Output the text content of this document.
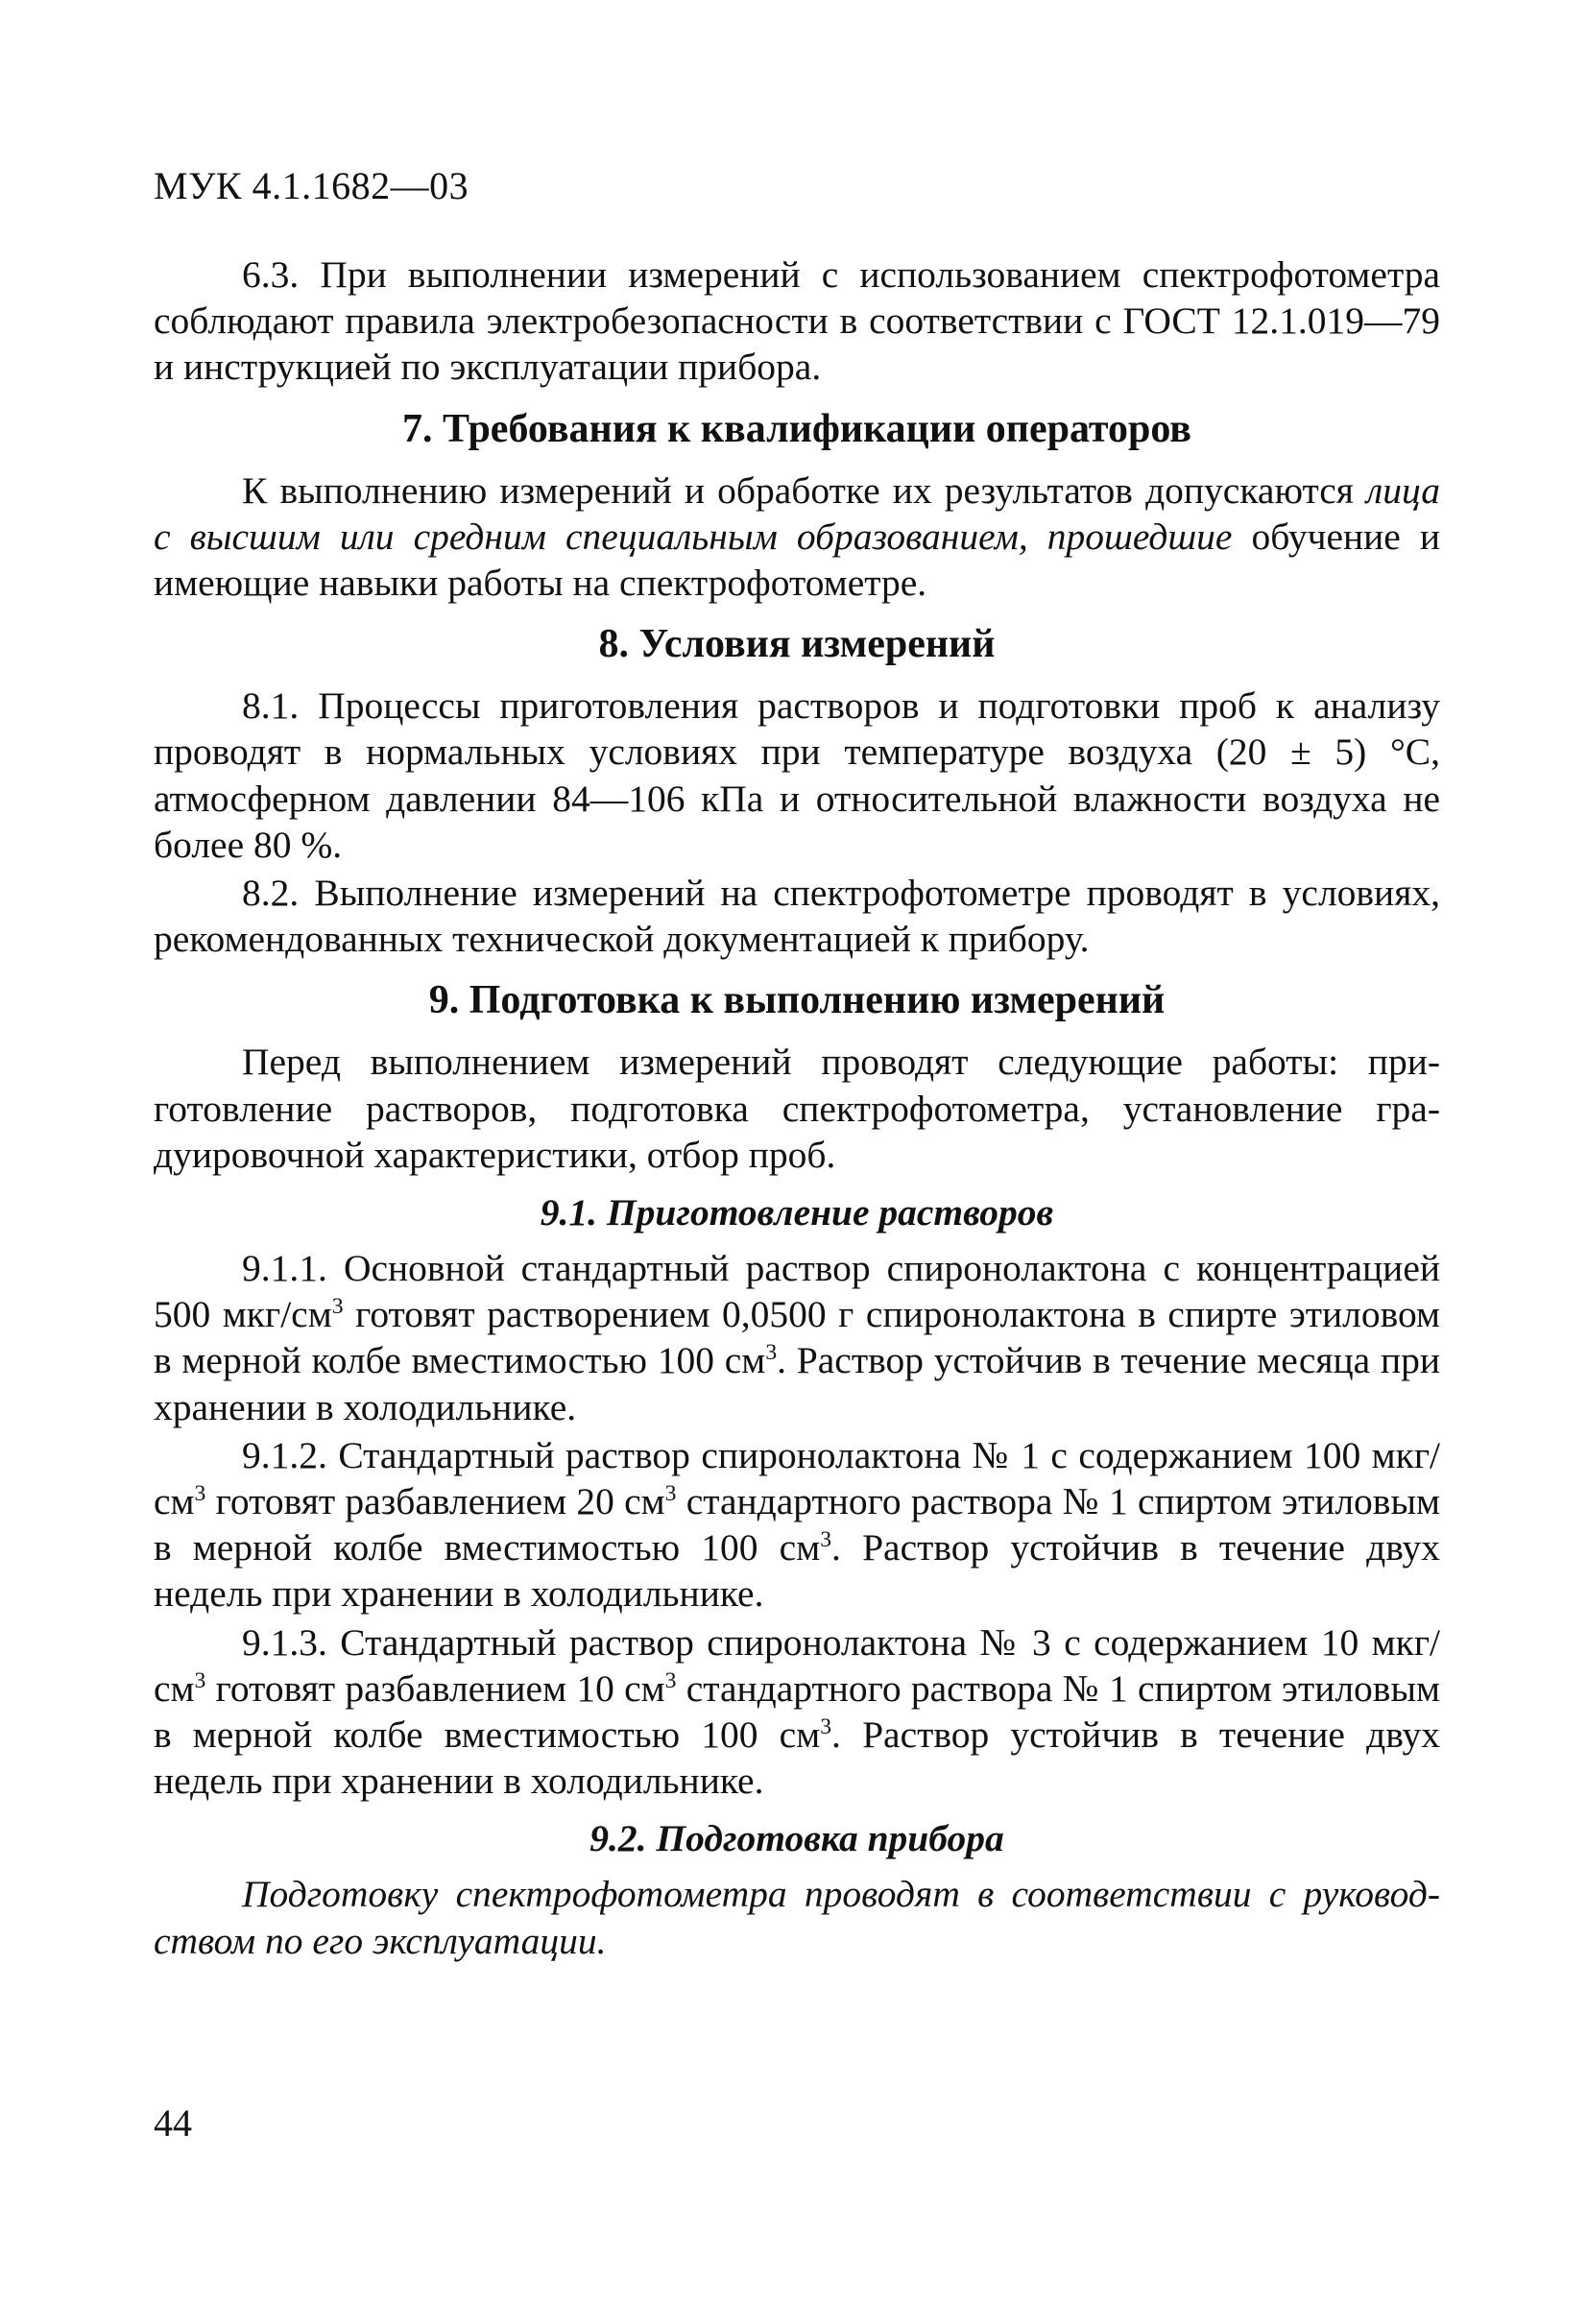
МУК 4.1.1682—03

6.3. При выполнении измерений с использованием спектрофотометра соблюдают правила электробезопасности в соответствии с ГОСТ 12.1.019—79 и инструкцией по эксплуатации прибора.

7. Требования к квалификации операторов

К выполнению измерений и обработке их результатов допускаются лица с высшим или средним специальным образованием, прошедшие обучение и имеющие навыки работы на спектрофотометре.

8. Условия измерений

8.1. Процессы приготовления растворов и подготовки проб к анализу проводят в нормальных условиях при температуре воздуха (20 ± 5) °С, атмосферном давлении 84—106 кПа и относительной влажности воздуха не более 80 %.

8.2. Выполнение измерений на спектрофотометре проводят в условиях, рекомендованных технической документацией к прибору.

9. Подготовка к выполнению измерений

Перед выполнением измерений проводят следующие работы: приготовление растворов, подготовка спектрофотометра, установление градуировочной характеристики, отбор проб.

9.1. Приготовление растворов

9.1.1. Основной стандартный раствор спиронолактона с концентрацией 500 мкг/$см^3$ готовят растворением 0,0500 г спиронолактона в спирте этиловом в мерной колбе вместимостью 100 $см^3$. Раствор устойчив в течение месяца при хранении в холодильнике.

9.1.2. Стандартный раствор спиронолактона № 1 с содержанием 100 мкг/$см^3$ готовят разбавлением 20 $см^3$ стандартного раствора № 1 спиртом этиловым в мерной колбе вместимостью 100 $см^3$. Раствор устойчив в течение двух недель при хранении в холодильнике.

9.1.3. Стандартный раствор спиронолактона № 3 с содержанием 10 мкг/$см^3$ готовят разбавлением 10 $см^3$ стандартного раствора № 1 спиртом этиловым в мерной колбе вместимостью 100 $см^3$. Раствор устойчив в течение двух недель при хранении в холодильнике.

9.2. Подготовка прибора

Подготовку спектрофотометра проводят в соответствии с руководством по его эксплуатации.

44
